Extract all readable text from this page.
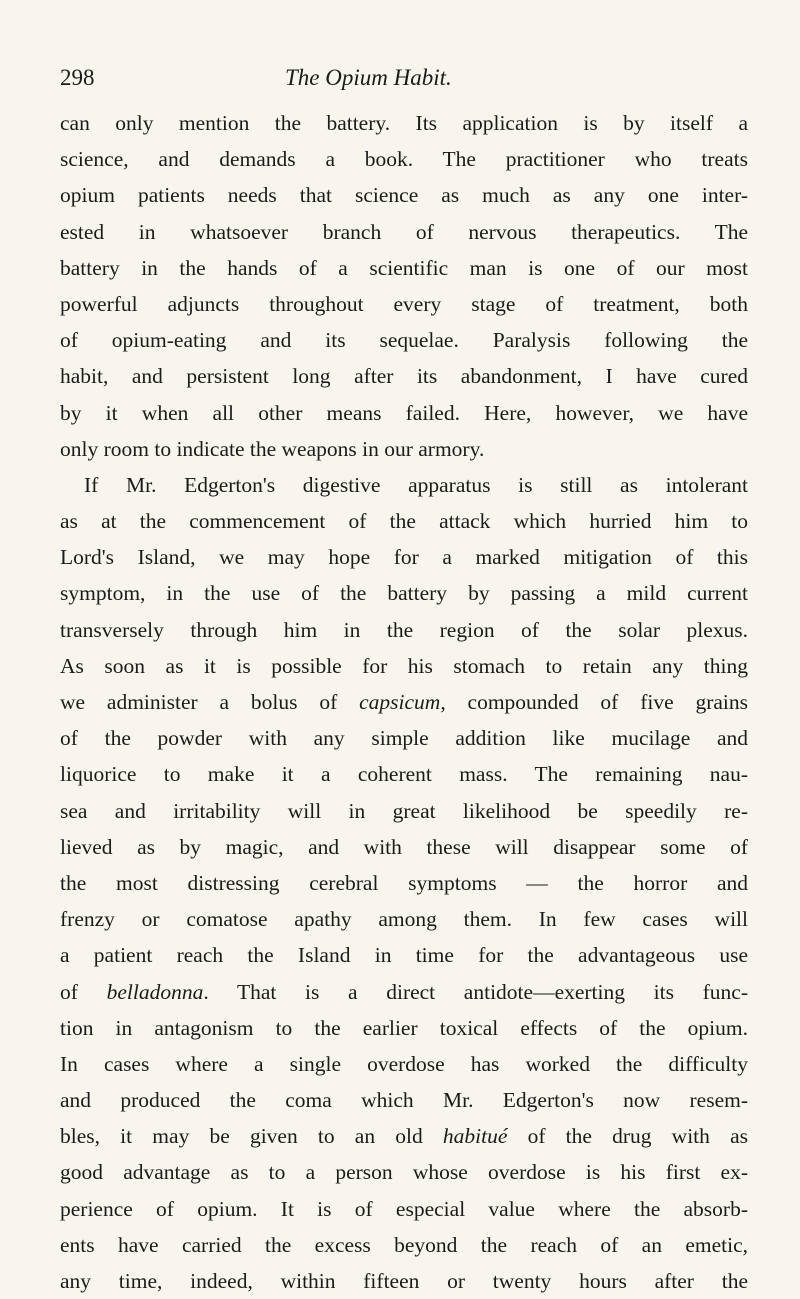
298	The Opium Habit.
can only mention the battery. Its application is by itself a
science, and demands a book. The practitioner who treats
opium patients needs that science as much as any one inter-
ested in whatsoever branch of nervous therapeutics. The
battery in the hands of a scientific man is one of our most
powerful adjuncts throughout every stage of treatment, both
of opium-eating and its sequelae. Paralysis following the
habit, and persistent long after its abandonment, I have cured
by it when all other means failed. Here, however, we have
only room to indicate the weapons in our armory.
If Mr. Edgerton's digestive apparatus is still as intolerant
as at the commencement of the attack which hurried him to
Lord's Island, we may hope for a marked mitigation of this
symptom, in the use of the battery by passing a mild current
transversely through him in the region of the solar plexus.
As soon as it is possible for his stomach to retain any thing
we administer a bolus of capsicum, compounded of five grains
of the powder with any simple addition like mucilage and
liquorice to make it a coherent mass. The remaining nau-
sea and irritability will in great likelihood be speedily re-
lieved as by magic, and with these will disappear some of
the most distressing cerebral symptoms — the horror and
frenzy or comatose apathy among them. In few cases will
a patient reach the Island in time for the advantageous use
of belladonna. That is a direct antidote—exerting its func-
tion in antagonism to the earlier toxical effects of the opium.
In cases where a single overdose has worked the difficulty
and produced the coma which Mr. Edgerton's now resem-
bles, it may be given to an old habitué of the drug with as
good advantage as to a person whose overdose is his first ex-
perience of opium. It is of especial value where the absorb-
ents have carried the excess beyond the reach of an emetic,
any time, indeed, within fifteen or twenty hours after the
